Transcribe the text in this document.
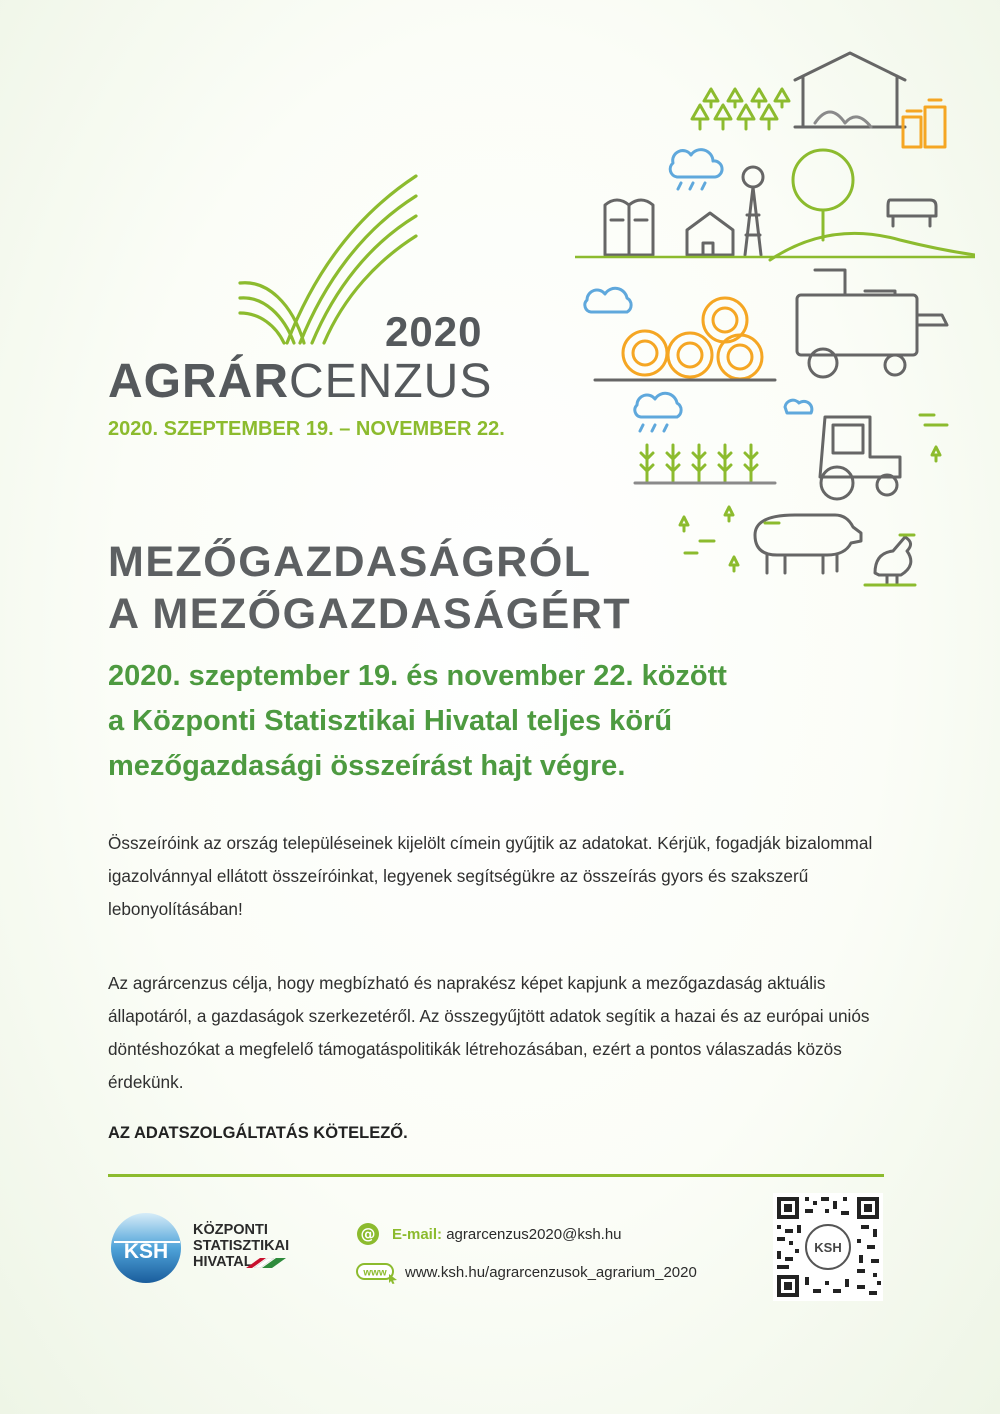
2020
AGRÁRCENZUS
2020. SZEPTEMBER 19. – NOVEMBER 22.
MEZŐGAZDASÁGRÓL
A MEZŐGAZDASÁGÉRT
2020. szeptember 19. és november 22. között
a Központi Statisztikai Hivatal teljes körű
mezőgazdasági összeírást hajt végre.
Összeíróink az ország településeinek kijelölt címein gyűjtik az adatokat. Kérjük, fogadják bizalommal igazolvánnyal ellátott összeíróinkat, legyenek segítségükre az összeírás gyors és szakszerű lebonyolításában!
Az agrárcenzus célja, hogy megbízható és naprakész képet kapjunk a mezőgazdaság aktuális állapotáról, a gazdaságok szerkezetéről. Az összegyűjtött adatok segítik a hazai és az európai uniós döntéshozókat a megfelelő támogatáspolitikák létrehozásában, ezért a pontos válaszadás közös érdekünk.
AZ ADATSZOLGÁLTATÁS KÖTELEZŐ.
KSH
KÖZPONTI
STATISZTIKAI
HIVATAL
@ E-mail: agrarcenzus2020@ksh.hu
www www.ksh.hu/agrarcenzusok_agrarium_2020
KSH
